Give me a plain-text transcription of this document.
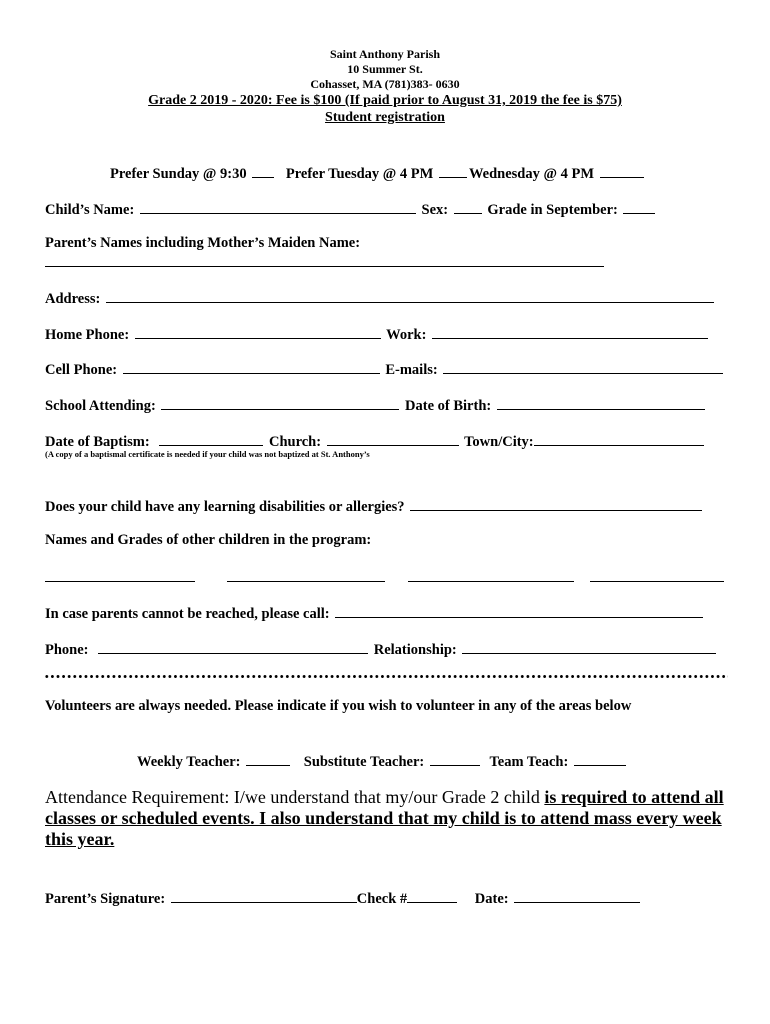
Saint Anthony Parish
10 Summer St.
Cohasset, MA (781)383- 0630
Grade 2 2019 - 2020: Fee is $100 (If paid prior to August 31, 2019 the fee is $75)
Student registration
Prefer Sunday @ 9:30	Prefer Tuesday @ 4 PM Wednesday @ 4 PM
Child’s Name:	Sex:	Grade in September:
Parent’s Names including Mother’s Maiden Name:
Address:
Home Phone:	Work:
Cell Phone:	E-mails:
School Attending:	Date of Birth:
Date of Baptism:	Church:	Town/City:
(A copy of a baptismal certificate is needed if your child was not baptized at St. Anthony’s
Does your child have any learning disabilities or allergies?
Names and Grades of other children in the program:
In case parents cannot be reached, please call:
Phone:	Relationship:
Volunteers are always needed. Please indicate if you wish to volunteer in any of the areas below
Weekly Teacher:	Substitute Teacher:	Team Teach:
Attendance Requirement: I/we understand that my/our Grade 2 child is required to attend all classes or scheduled events. I also understand that my child is to attend mass every week this year.
Parent’s Signature:	Check #	Date:
